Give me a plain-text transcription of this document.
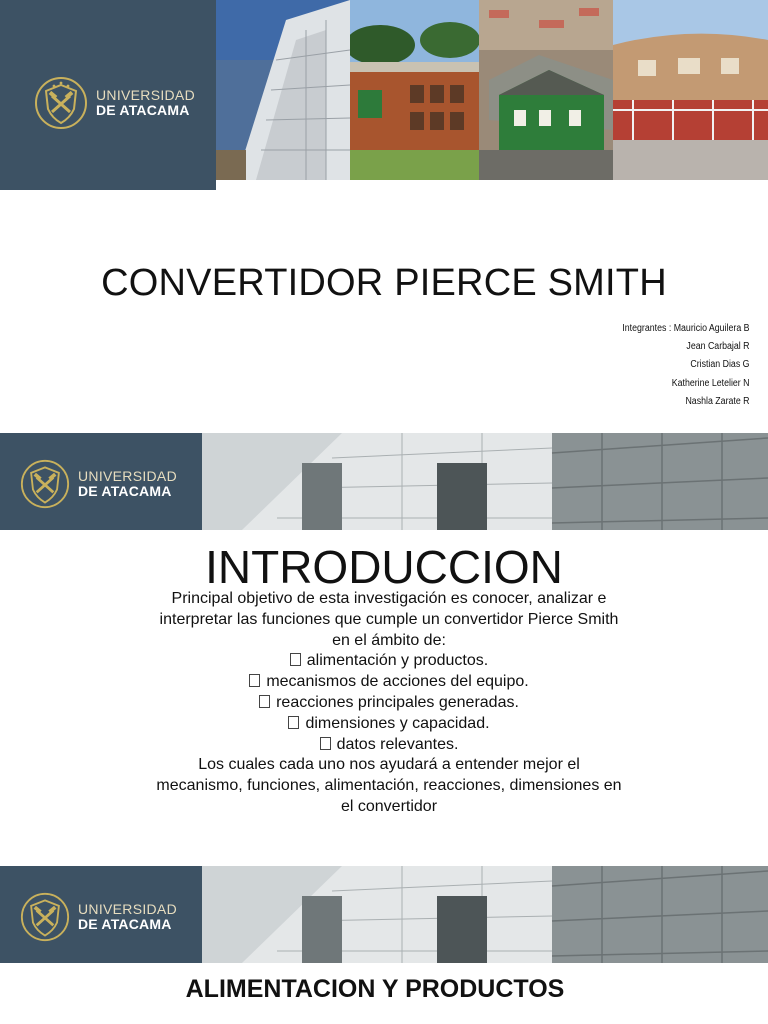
UNIVERSIDAD
DE ATACAMA
CONVERTIDOR PIERCE SMITH
Integrantes : Mauricio Aguilera B
Jean Carbajal R
Cristian Dias G
Katherine Letelier N
Nashla Zarate R
UNIVERSIDAD
DE ATACAMA
INTRODUCCION
Principal objetivo de esta investigación es conocer, analizar e
interpretar las funciones que cumple un convertidor Pierce Smith
en el ámbito de:
alimentación y productos.
mecanismos de acciones del equipo.
reacciones principales generadas.
dimensiones y capacidad.
datos relevantes.
Los cuales cada uno nos ayudará a entender mejor el
mecanismo, funciones, alimentación, reacciones, dimensiones en
el convertidor
UNIVERSIDAD
DE ATACAMA
ALIMENTACION Y PRODUCTOS
